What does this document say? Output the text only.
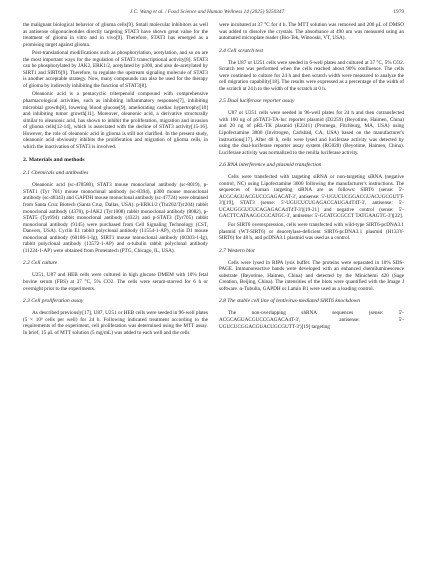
J.C. Wang et al. / Food Science and Human Wellness 14 (2025) 9250347	1979

the malignant biological behavior of glioma cells[9]. Small molecular inhibitors as well as antisense oligonucleotides directly targeting STAT3 have shown great value for the treatment of glioma in vitro and in vivo[9]. Therefore, STAT3 has emerged as a promising target against glioma.

Post-translational modifications such as phosphorylation, acetylation, and so on are the most important ways for the regulation of STAT3 transcriptional activity[8]. STAT3 can be phosphorylated by JAK2, ERK1/2, acetylated by p300, and also de-acetylated by SIRT1 and SIRT6[9]. Therefore, to regulate the upstream signaling molecule of STAT3 is another acceptable strategy. Now, many compounds can also be used for the therapy of glioma by indirectly inhibiting the function of STAT3[8].

Oleanonic acid is a pentacyclic triterpenoid compound with comprehensive pharmacological activities, such as inhibiting inflammatory responses[7], inhibiting microbial growth[8], lowering blood glucose[9], ameliorating cardiac hypertrophy[10] and inhibiting tumor growth[11]. Moreover, oleanonic acid, a derivative structurally similar to oleanonic acid, has shown to inhibit the proliferation, migration and invasion of glioma cells[12-14], which is associated with the decline of STAT3 activity[15-16]. However, the role of oleanonic acid in glioma is still not clarified. In the present study, oleanonic acid obviously inhibits the proliferation and migration of glioma cells, in which the inactivation of STAT3 is involved.

2. Materials and methods
2.1 Chemicals and antibodies

Oleanonic acid (sc-478580), STAT3 mouse monoclonal antibody (sc-8019), p-STAT1 (Tyr 701) mouse monoclonal antibody (sc-8394), p300 mouse monoclonal antibody (sc-48343) and GAPDH mouse monoclonal antibody (sc-47724) were obtained from Santa Cruz Biotech (Santa Cruz, Dallas, USA). p-ERK1/2 (Thr202/Tyr204) rabbit monoclonal antibody (4370), p-JAK2 (Tyr1008) rabbit monoclonal antibody (8082), p-STAT5 (Tyr694) rabbit monoclonal antibody (4322) and p-STAT3 (Tyr705) rabbit monoclonal antibody (9145) were purchased from Cell Signaling Technology (CST, Danvers, USA). Cyclin E1 rabbit polyclonal antibody (11554-1-AP), cyclin D1 mouse monoclonal antibody (60186-1-Ig), SIRT1 mouse monoclonal antibody (60303-1-Ig), rabbit polyclonal antibody (13572-1-AP) and α-tubulin rabbit polyclonal antibody (11224-1-AP) were obtained from Proteintech (PTG, Chicago, IL, USA).

2.2 Cell culture

U251, U87 and HEB cells were cultured in high glucose DMEM with 10% fetal bovine serum (FBS) at 37 °C, 5% CO2. The cells were serum-starved for 6 h or overnight prior to the experiments.

2.3 Cell proliferation assay

As described previously[17], U87, U251 or HEB cells were seeded in 96-well plates (5 × 10³ cells per well) for 24 h. Following indicated treatment according to the requirements of the experiment, cell proliferation was determined using the MTT assay. In brief, 15 μL of MTT solution (5 mg/mL) was added to each well and the cells

were incubated at 37 °C for 4 h. The MTT solution was removed and 200 μL of DMSO was added to dissolve the crystals. The absorbance at 490 nm was measured using an automated microplate reader (Bio-Tek, Winooski, VT, USA).

2.4 Cell scratch test

The U87 or U251 cells were seeded in 6-well plates and cultured at 37 °C, 5% CO2. Scratch test was performed when the cells reached about 90% confluence. The cells were continued to culture for 24 h and then scratch width were measured to analyze the cell migration capability[18]. The results were expressed as a percentage of the width of the scratch at 24 h to the width of the scratch at 0 h.

2.5 Dual luciferase reporter assay

U87 or U251 cells were seeded in 96-well plates for 24 h and then cotransfected with 100 ng of pSTAT3-TA-luc reporter plasmid (D2259) (Beyotime, Haimen, China) and 20 ng of pRL-TK plasmid (E2241) (Promega, Fitchburg, MA, USA) using Lipofectamine 3000 (Invitrogen, Carlsbad, CA, USA) based on the manufacturer's instructions[17]. After 48 h, cells were lysed and luciferase activity was detected by using the dual-luciferase reporter assay system (RG028) (Beyotime, Haimen, China). Luciferase activity was normalized to the renilla luciferase activity.

2.6 RNA interference and plasmid transfection

Cells were transfected with targeting siRNA or non-targeting siRNA (negative control, NC) using Lipofectamine 3000 following the manufacturer's instructions. The sequences of human targeting siRNA are as follows: SIRT6 (sense: 5'-ACGCAGUACGUCCGAGACAT-3', antisense: 5'-UGUCUCGGACGUACUGCGUTT-3')[19], STAT3 (sense: 5'-UGUCUCUGAGACCAUGA4T4T-3', antisense: 5'-UCAUGGGUCUCAGAGACA4T4T-3')[19-21] and negative control (sense: 5'-GACTTCATAAGGCGCATGC-3', antisense: 5'-GCATGCGCCT TATGAAGTC-3')[22].

For SIRT6 overexpression, cells were transfected with wild-type SIRT6-pcDNA3.1 plasmid (WT-SIRT6) or deacetylase-deficient SIRT6-pcDNA3.1 plasmid (H133Y-SIRT6) for 48 h, and pcDNA3.1 plasmid was used as a control.

2.7 Western blot

Cells were lysed in RIPA lysis buffer. The proteins were separated in 10% SDS-PAGE. Immunoreactive bands were developed with an enhanced chemiluminescence substrate (Beyotime, Haimen, China) and detected by the Minichemi 420 (Sage Creation, Beijing, China). The intensities of the blots were quantified with the Image J software. α-Tubulin, GAPDH or Lamin B1 were used as a loading control.

2.8 The stable cell line of lentivirus-mediated SIRT6 knockdown

The non-overlapping shRNA sequences (sense: 5'-ACGCAGUACGUCCGAGACA4T-3', antisense: 5'-UGUCUCGGACGUACUGCGUTT-3')[19] targeting
